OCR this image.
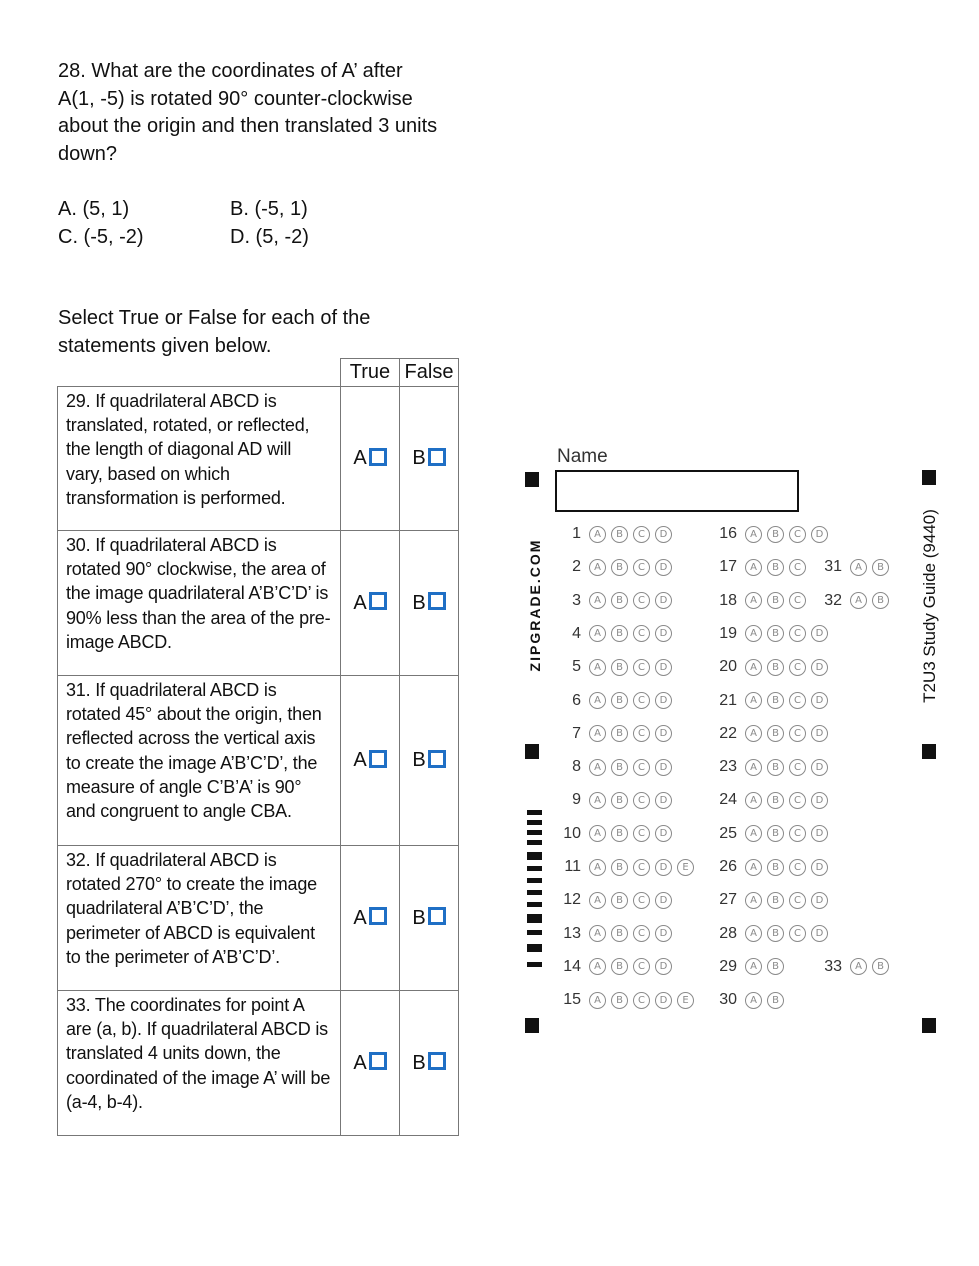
28. What are the coordinates of A’ after

A(1, -5) is rotated 90° counter-clockwise

about the origin and then translated 3 units

down?

A. (5, 1)	B. (-5, 1)
C. (-5, -2)	D. (5, -2)
Select True or False for each of the
statements given below.
	True	False
29. If quadrilateral ABCD is translated, rotated, or reflected, the length of diagonal AD will vary, based on which transformation is performed.	A	B

30. If quadrilateral ABCD is rotated 90° clockwise, the area of the image quadrilateral A’B’C’D’ is 90% less than the area of the pre-image ABCD.	A	B

31. If quadrilateral ABCD is rotated 45° about the origin, then reflected across the vertical axis to create the image A’B’C’D’, the measure of angle C’B’A’ is 90° and congruent to angle CBA.	A	B

32. If quadrilateral ABCD is rotated 270° to create the image quadrilateral A’B’C’D’, the perimeter of ABCD is equivalent to the perimeter of A’B’C’D’.	A	B

33. The coordinates for point A are (a, b). If quadrilateral ABCD is translated 4 units down, the coordinated of the image A’ will be (a-4, b-4).	A	B
Name
ZIPGRADE.COM	T2U3 Study Guide (9440)
1	A	B	C	D
2	A	B	C	D
3	A	B	C	D
4	A	B	C	D
5	A	B	C	D
6	A	B	C	D
7	A	B	C	D
8	A	B	C	D
9	A	B	C	D
10	A	B	C	D
11	A	B	C	D	E
12	A	B	C	D
13	A	B	C	D
14	A	B	C	D
15	A	B	C	D	E
16	A	B	C	D
17	A	B	C
18	A	B	C
19	A	B	C	D
20	A	B	C	D
21	A	B	C	D
22	A	B	C	D
23	A	B	C	D
24	A	B	C	D
25	A	B	C	D
26	A	B	C	D
27	A	B	C	D
28	A	B	C	D
29	A	B
30	A	B
31	A	B
32	A	B
33	A	B
